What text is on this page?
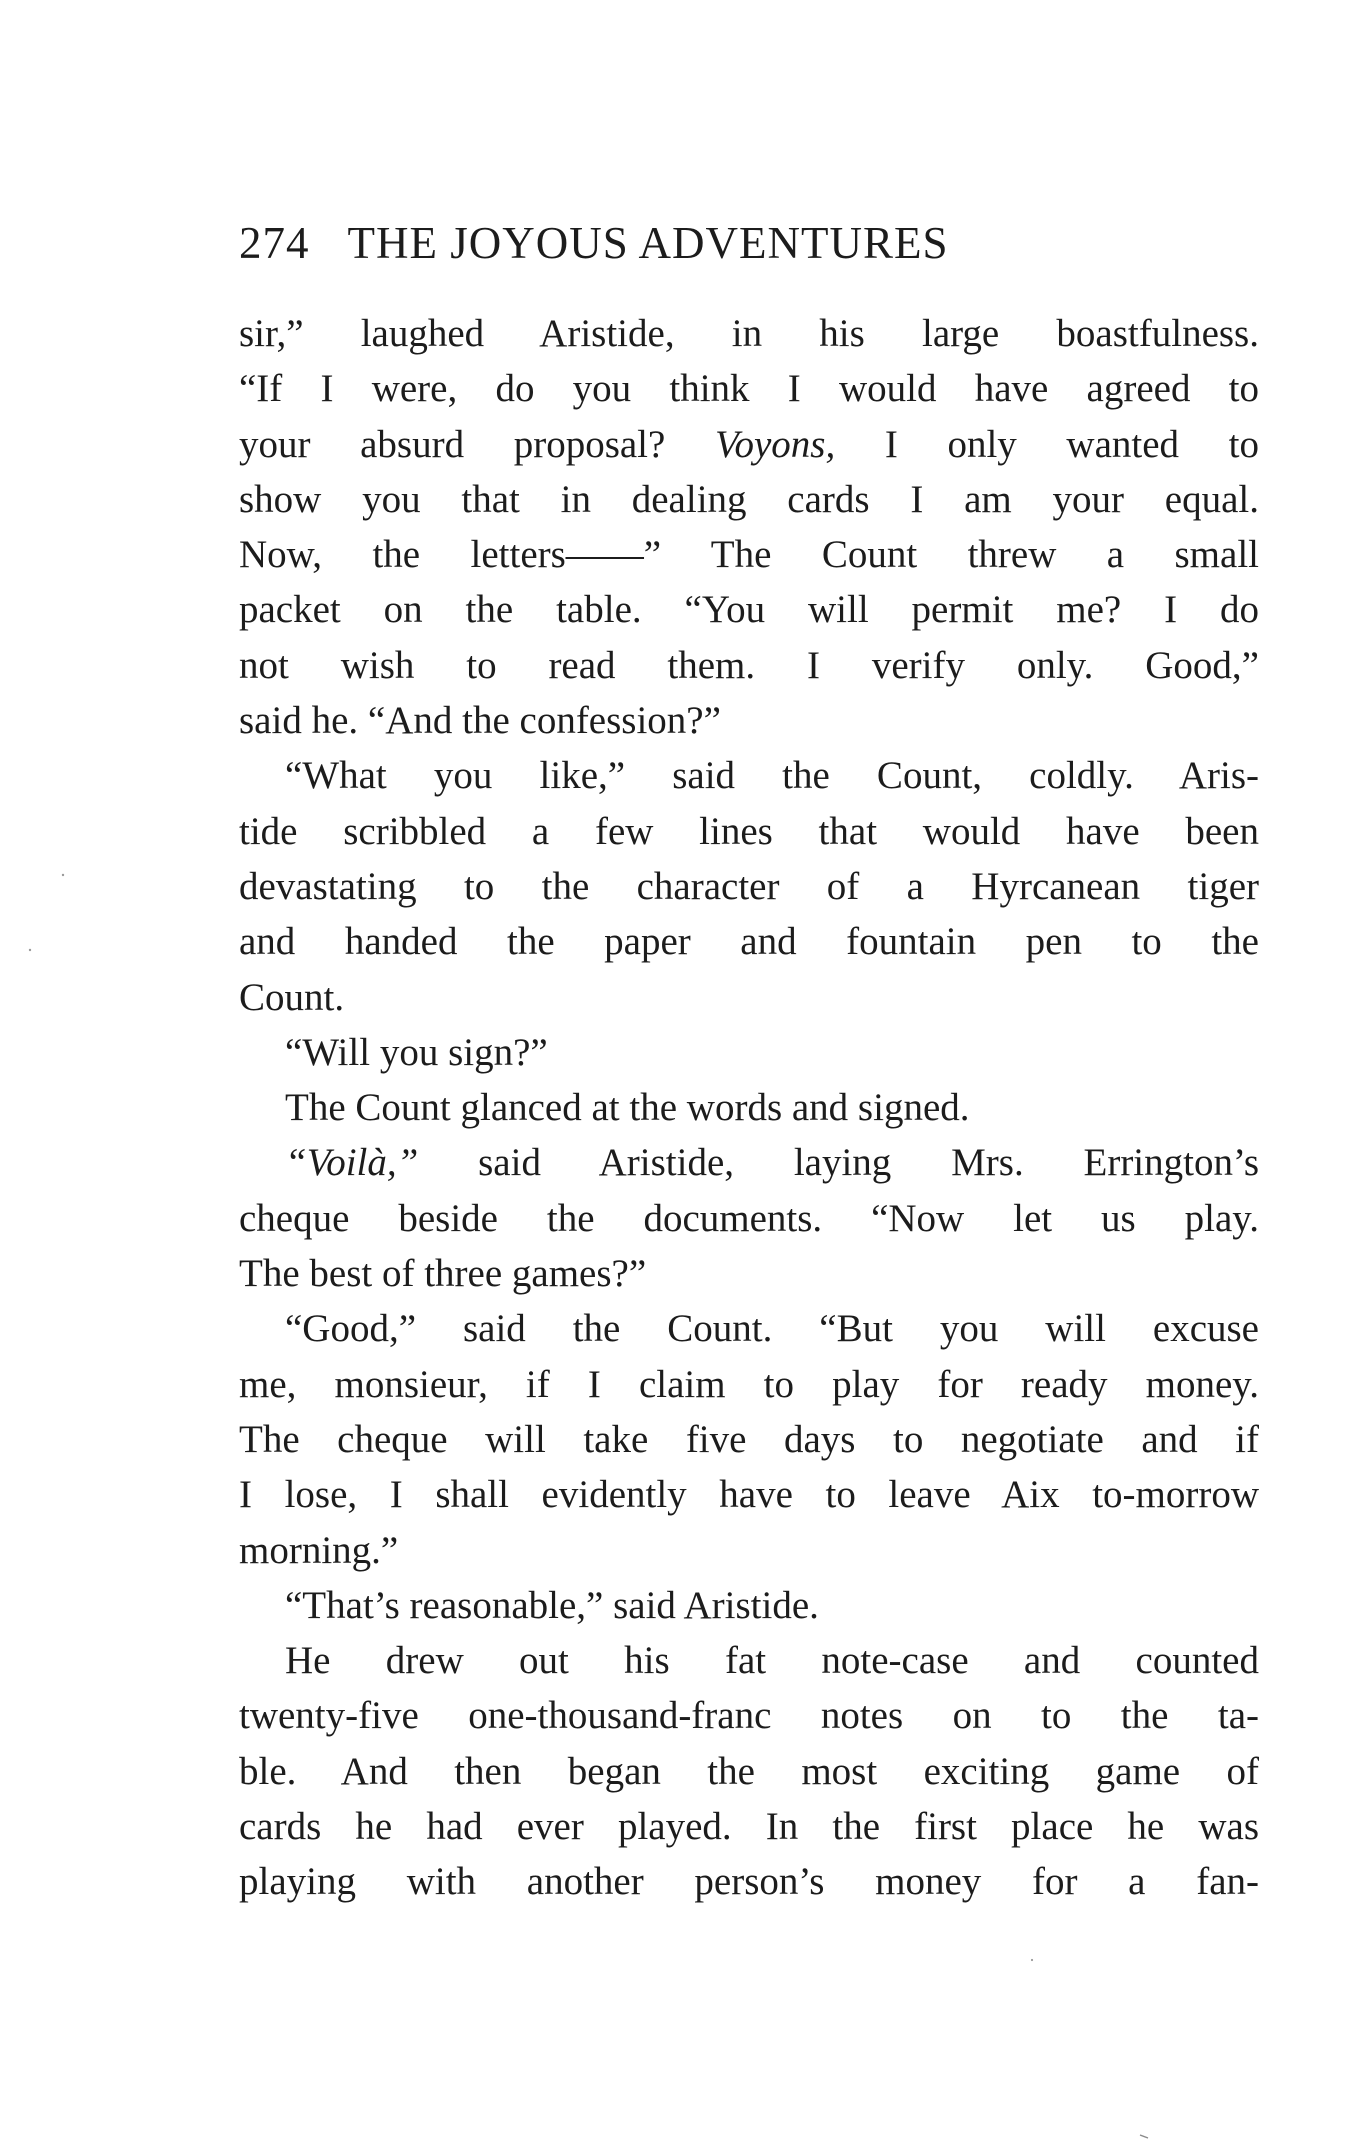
274 THE JOYOUS ADVENTURES
sir,” laughed Aristide, in his large boastfulness.
“If I were, do you think I would have agreed to
your absurd proposal? Voyons, I only wanted to
show you that in dealing cards I am your equal.
Now, the letters——” The Count threw a small
packet on the table. “You will permit me? I do
not wish to read them. I verify only. Good,”
said he. “And the confession?”
“What you like,” said the Count, coldly. Aris-
tide scribbled a few lines that would have been
devastating to the character of a Hyrcanean tiger
and handed the paper and fountain pen to the
Count.
“Will you sign?”
The Count glanced at the words and signed.
“Voilà,” said Aristide, laying Mrs. Errington’s
cheque beside the documents. “Now let us play.
The best of three games?”
“Good,” said the Count. “But you will excuse
me, monsieur, if I claim to play for ready money.
The cheque will take five days to negotiate and if
I lose, I shall evidently have to leave Aix to-morrow
morning.”
“That’s reasonable,” said Aristide.
He drew out his fat note-case and counted
twenty-five one-thousand-franc notes on to the ta-
ble. And then began the most exciting game of
cards he had ever played. In the first place he was
playing with another person’s money for a fan-
